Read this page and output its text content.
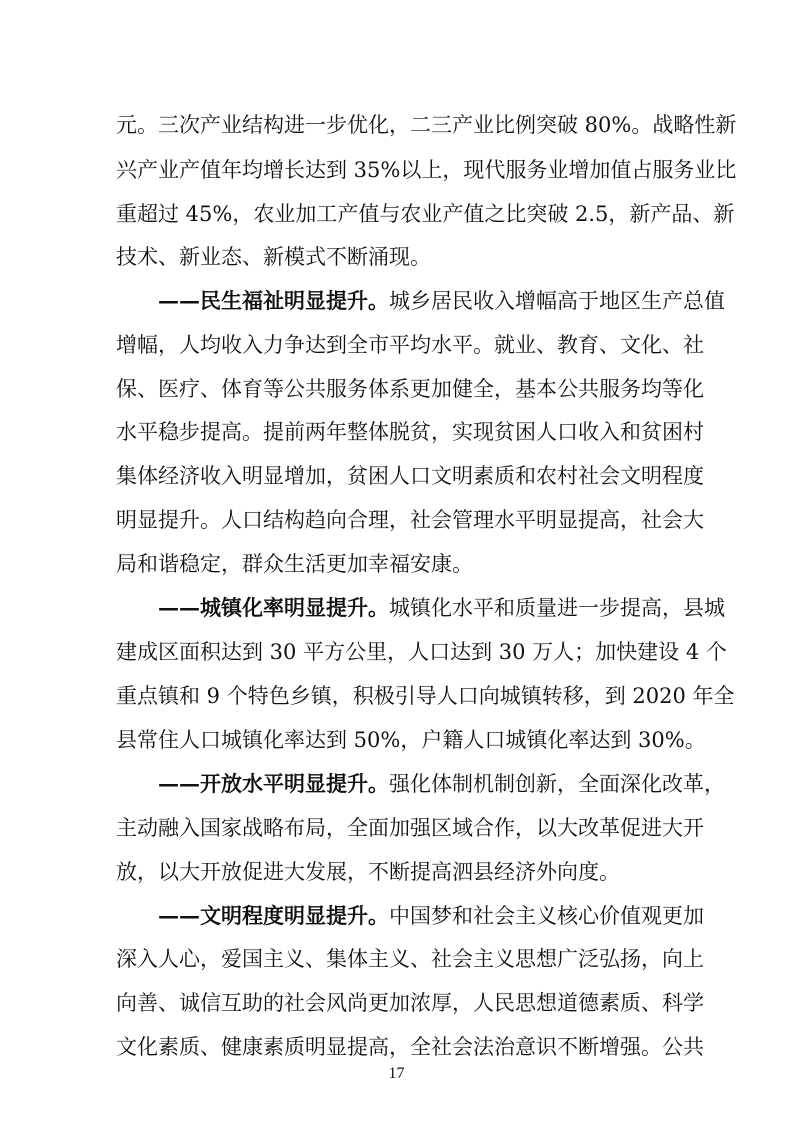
元。三次产业结构进一步优化，二三产业比例突破 80%。战略性新
兴产业产值年均增长达到 35%以上，现代服务业增加值占服务业比
重超过 45%，农业加工产值与农业产值之比突破 2.5，新产品、新
技术、新业态、新模式不断涌现。
——民生福祉明显提升。城乡居民收入增幅高于地区生产总值
增幅，人均收入力争达到全市平均水平。就业、教育、文化、社
保、医疗、体育等公共服务体系更加健全，基本公共服务均等化
水平稳步提高。提前两年整体脱贫，实现贫困人口收入和贫困村
集体经济收入明显增加，贫困人口文明素质和农村社会文明程度
明显提升。人口结构趋向合理，社会管理水平明显提高，社会大
局和谐稳定，群众生活更加幸福安康。
——城镇化率明显提升。城镇化水平和质量进一步提高，县城
建成区面积达到 30 平方公里，人口达到 30 万人；加快建设 4 个
重点镇和 9 个特色乡镇，积极引导人口向城镇转移，到 2020 年全
县常住人口城镇化率达到 50%，户籍人口城镇化率达到 30%。
——开放水平明显提升。强化体制机制创新，全面深化改革，
主动融入国家战略布局，全面加强区域合作，以大改革促进大开
放，以大开放促进大发展，不断提高泗县经济外向度。
——文明程度明显提升。中国梦和社会主义核心价值观更加
深入人心，爱国主义、集体主义、社会主义思想广泛弘扬，向上
向善、诚信互助的社会风尚更加浓厚，人民思想道德素质、科学
文化素质、健康素质明显提高，全社会法治意识不断增强。公共
17
